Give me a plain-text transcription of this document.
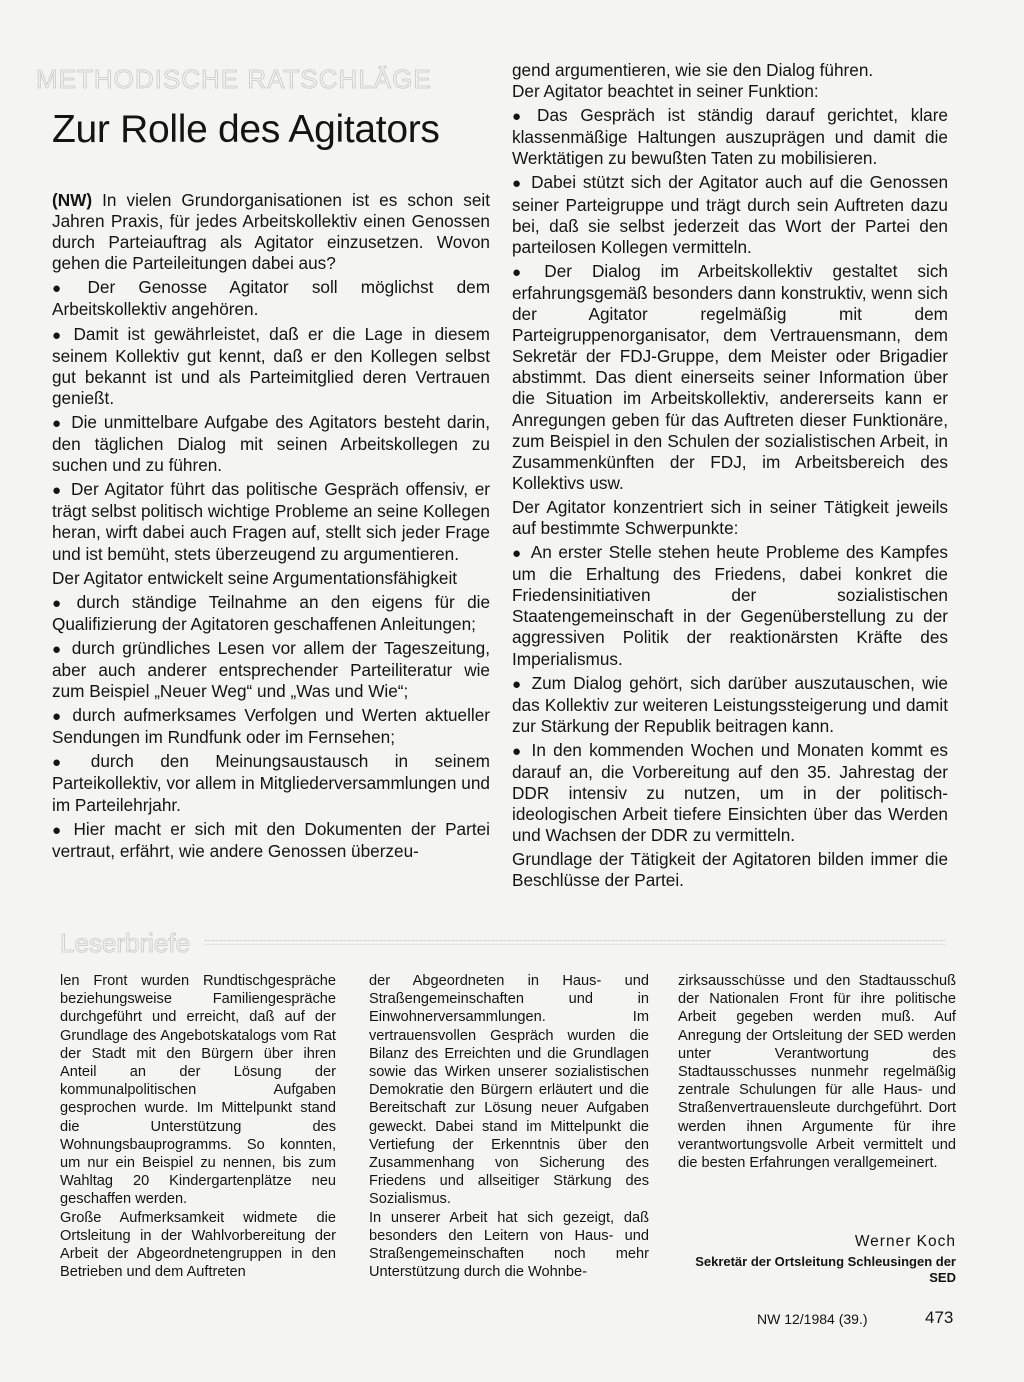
METHODISCHE RATSCHLÄGE
Zur Rolle des Agitators

(NW) In vielen Grundorganisationen ist es schon seit Jahren Praxis, für jedes Arbeitskollektiv einen Genossen durch Parteiauftrag als Agitator einzusetzen. Wovon gehen die Parteileitungen dabei aus?

● Der Genosse Agitator soll möglichst dem Arbeitskollektiv angehören.

● Damit ist gewährleistet, daß er die Lage in diesem seinem Kollektiv gut kennt, daß er den Kollegen selbst gut bekannt ist und als Parteimitglied deren Vertrauen genießt.

● Die unmittelbare Aufgabe des Agitators besteht darin, den täglichen Dialog mit seinen Arbeitskollegen zu suchen und zu führen.

● Der Agitator führt das politische Gespräch offensiv, er trägt selbst politisch wichtige Probleme an seine Kollegen heran, wirft dabei auch Fragen auf, stellt sich jeder Frage und ist bemüht, stets überzeugend zu argumentieren.

Der Agitator entwickelt seine Argumentationsfähigkeit

● durch ständige Teilnahme an den eigens für die Qualifizierung der Agitatoren geschaffenen Anleitungen;

● durch gründliches Lesen vor allem der Tageszeitung, aber auch anderer entsprechender Parteiliteratur wie zum Beispiel „Neuer Weg“ und „Was und Wie“;

● durch aufmerksames Verfolgen und Werten aktueller Sendungen im Rundfunk oder im Fernsehen;

● durch den Meinungsaustausch in seinem Parteikollektiv, vor allem in Mitgliederversammlungen und im Parteilehrjahr.

● Hier macht er sich mit den Dokumenten der Partei vertraut, erfährt, wie andere Genossen überzeu-

gend argumentieren, wie sie den Dialog führen.

Der Agitator beachtet in seiner Funktion:

● Das Gespräch ist ständig darauf gerichtet, klare klassenmäßige Haltungen auszuprägen und damit die Werktätigen zu bewußten Taten zu mobilisieren.

● Dabei stützt sich der Agitator auch auf die Genossen seiner Parteigruppe und trägt durch sein Auftreten dazu bei, daß sie selbst jederzeit das Wort der Partei den parteilosen Kollegen vermitteln.

● Der Dialog im Arbeitskollektiv gestaltet sich erfahrungsgemäß besonders dann konstruktiv, wenn sich der Agitator regelmäßig mit dem Parteigruppenorganisator, dem Vertrauensmann, dem Sekretär der FDJ-Gruppe, dem Meister oder Brigadier abstimmt. Das dient einerseits seiner Information über die Situation im Arbeitskollektiv, andererseits kann er Anregungen geben für das Auftreten dieser Funktionäre, zum Beispiel in den Schulen der sozialistischen Arbeit, in Zusammenkünften der FDJ, im Arbeitsbereich des Kollektivs usw.

Der Agitator konzentriert sich in seiner Tätigkeit jeweils auf bestimmte Schwerpunkte:

● An erster Stelle stehen heute Probleme des Kampfes um die Erhaltung des Friedens, dabei konkret die Friedensinitiativen der sozialistischen Staatengemeinschaft in der Gegenüberstellung zu der aggressiven Politik der reaktionärsten Kräfte des Imperialismus.

● Zum Dialog gehört, sich darüber auszutauschen, wie das Kollektiv zur weiteren Leistungssteigerung und damit zur Stärkung der Republik beitragen kann.

● In den kommenden Wochen und Monaten kommt es darauf an, die Vorbereitung auf den 35. Jahrestag der DDR intensiv zu nutzen, um in der politisch-ideologischen Arbeit tiefere Einsichten über das Werden und Wachsen der DDR zu vermitteln.

Grundlage der Tätigkeit der Agitatoren bilden immer die Beschlüsse der Partei.

Leserbriefe

len Front wurden Rundtischgespräche beziehungsweise Familiengespräche durchgeführt und erreicht, daß auf der Grundlage des Angebotskatalogs vom Rat der Stadt mit den Bürgern über ihren Anteil an der Lösung der kommunalpolitischen Aufgaben gesprochen wurde. Im Mittelpunkt stand die Unterstützung des Wohnungsbauprogramms. So konnten, um nur ein Beispiel zu nennen, bis zum Wahltag 20 Kindergartenplätze neu geschaffen werden.

Große Aufmerksamkeit widmete die Ortsleitung in der Wahlvorbereitung der Arbeit der Abgeordnetengruppen in den Betrieben und dem Auftreten

der Abgeordneten in Haus- und Straßengemeinschaften und in Einwohnerversammlungen. Im vertrauensvollen Gespräch wurden die Bilanz des Erreichten und die Grundlagen sowie das Wirken unserer sozialistischen Demokratie den Bürgern erläutert und die Bereitschaft zur Lösung neuer Aufgaben geweckt. Dabei stand im Mittelpunkt die Vertiefung der Erkenntnis über den Zusammenhang von Sicherung des Friedens und allseitiger Stärkung des Sozialismus.

In unserer Arbeit hat sich gezeigt, daß besonders den Leitern von Haus- und Straßengemeinschaften noch mehr Unterstützung durch die Wohnbe-

zirksausschüsse und den Stadtausschuß der Nationalen Front für ihre politische Arbeit gegeben werden muß. Auf Anregung der Ortsleitung der SED werden unter Verantwortung des Stadtausschusses nunmehr regelmäßig zentrale Schulungen für alle Haus- und Straßenvertrauensleute durchgeführt. Dort werden ihnen Argumente für ihre verantwortungsvolle Arbeit vermittelt und die besten Erfahrungen verallgemeinert.

Werner Koch
Sekretär der Ortsleitung Schleusingen der SED
NW 12/1984 (39.)	473
